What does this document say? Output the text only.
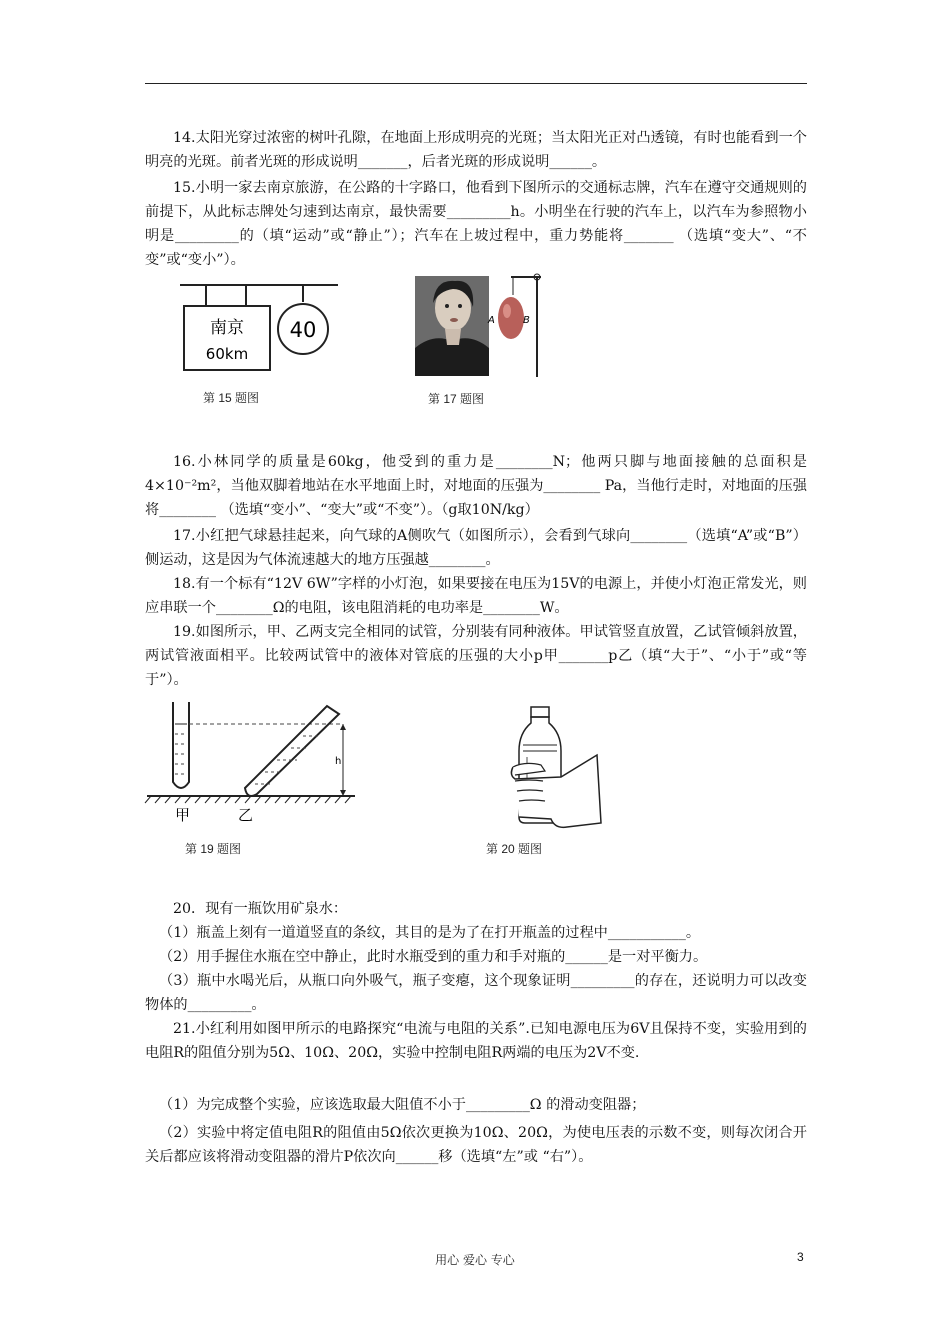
14.太阳光穿过浓密的树叶孔隙，在地面上形成明亮的光斑；当太阳光正对凸透镜，有时也能看到一个明亮的光斑。前者光斑的形成说明_______，后者光斑的形成说明______。
15.小明一家去南京旅游，在公路的十字路口，他看到下图所示的交通标志牌，汽车在遵守交通规则的前提下，从此标志牌处匀速到达南京，最快需要_________h。小明坐在行驶的汽车上，以汽车为参照物小明是_________的（填“运动”或“静止”）；汽车在上坡过程中，重力势能将_______ （选填“变大”、“不变”或“变小”）。
南京
60km
40
第 15 题图
A	B
第 17 题图
16.小林同学的质量是60kg，他受到的重力是________N；他两只脚与地面接触的总面积是4×10⁻²m²，当他双脚着地站在水平地面上时，对地面的压强为________ Pa，当他行走时，对地面的压强将________ （选填“变小”、“变大”或“不变”）。（g取10N/kg）
17.小红把气球悬挂起来，向气球的A侧吹气（如图所示），会看到气球向________（选填“A”或“B”）侧运动，这是因为气体流速越大的地方压强越________。
18.有一个标有“12V 6W”字样的小灯泡，如果要接在电压为15V的电源上，并使小灯泡正常发光，则应串联一个________Ω的电阻，该电阻消耗的电功率是________W。
19.如图所示，甲、乙两支完全相同的试管，分别装有同种液体。甲试管竖直放置，乙试管倾斜放置，两试管液面相平。比较两试管中的液体对管底的压强的大小p甲_______p乙（填“大于”、“小于”或“等于”）。
h
甲	乙
第 19 题图	第 20 题图
20．现有一瓶饮用矿泉水：
（1）瓶盖上刻有一道道竖直的条纹，其目的是为了在打开瓶盖的过程中___________。
（2）用手握住水瓶在空中静止，此时水瓶受到的重力和手对瓶的______是一对平衡力。
（3）瓶中水喝光后，从瓶口向外吸气，瓶子变瘪，这个现象证明_________的存在，还说明力可以改变物体的_________。
21.小红利用如图甲所示的电路探究“电流与电阻的关系”.已知电源电压为6V且保持不变，实验用到的电阻R的阻值分别为5Ω、10Ω、20Ω，实验中控制电阻R两端的电压为2V不变.
（1）为完成整个实验，应该选取最大阻值不小于_________Ω 的滑动变阻器；
（2）实验中将定值电阻R的阻值由5Ω依次更换为10Ω、20Ω，为使电压表的示数不变，则每次闭合开关后都应该将滑动变阻器的滑片P依次向______移（选填“左”或 “右”）。
用心 爱心 专心	3
